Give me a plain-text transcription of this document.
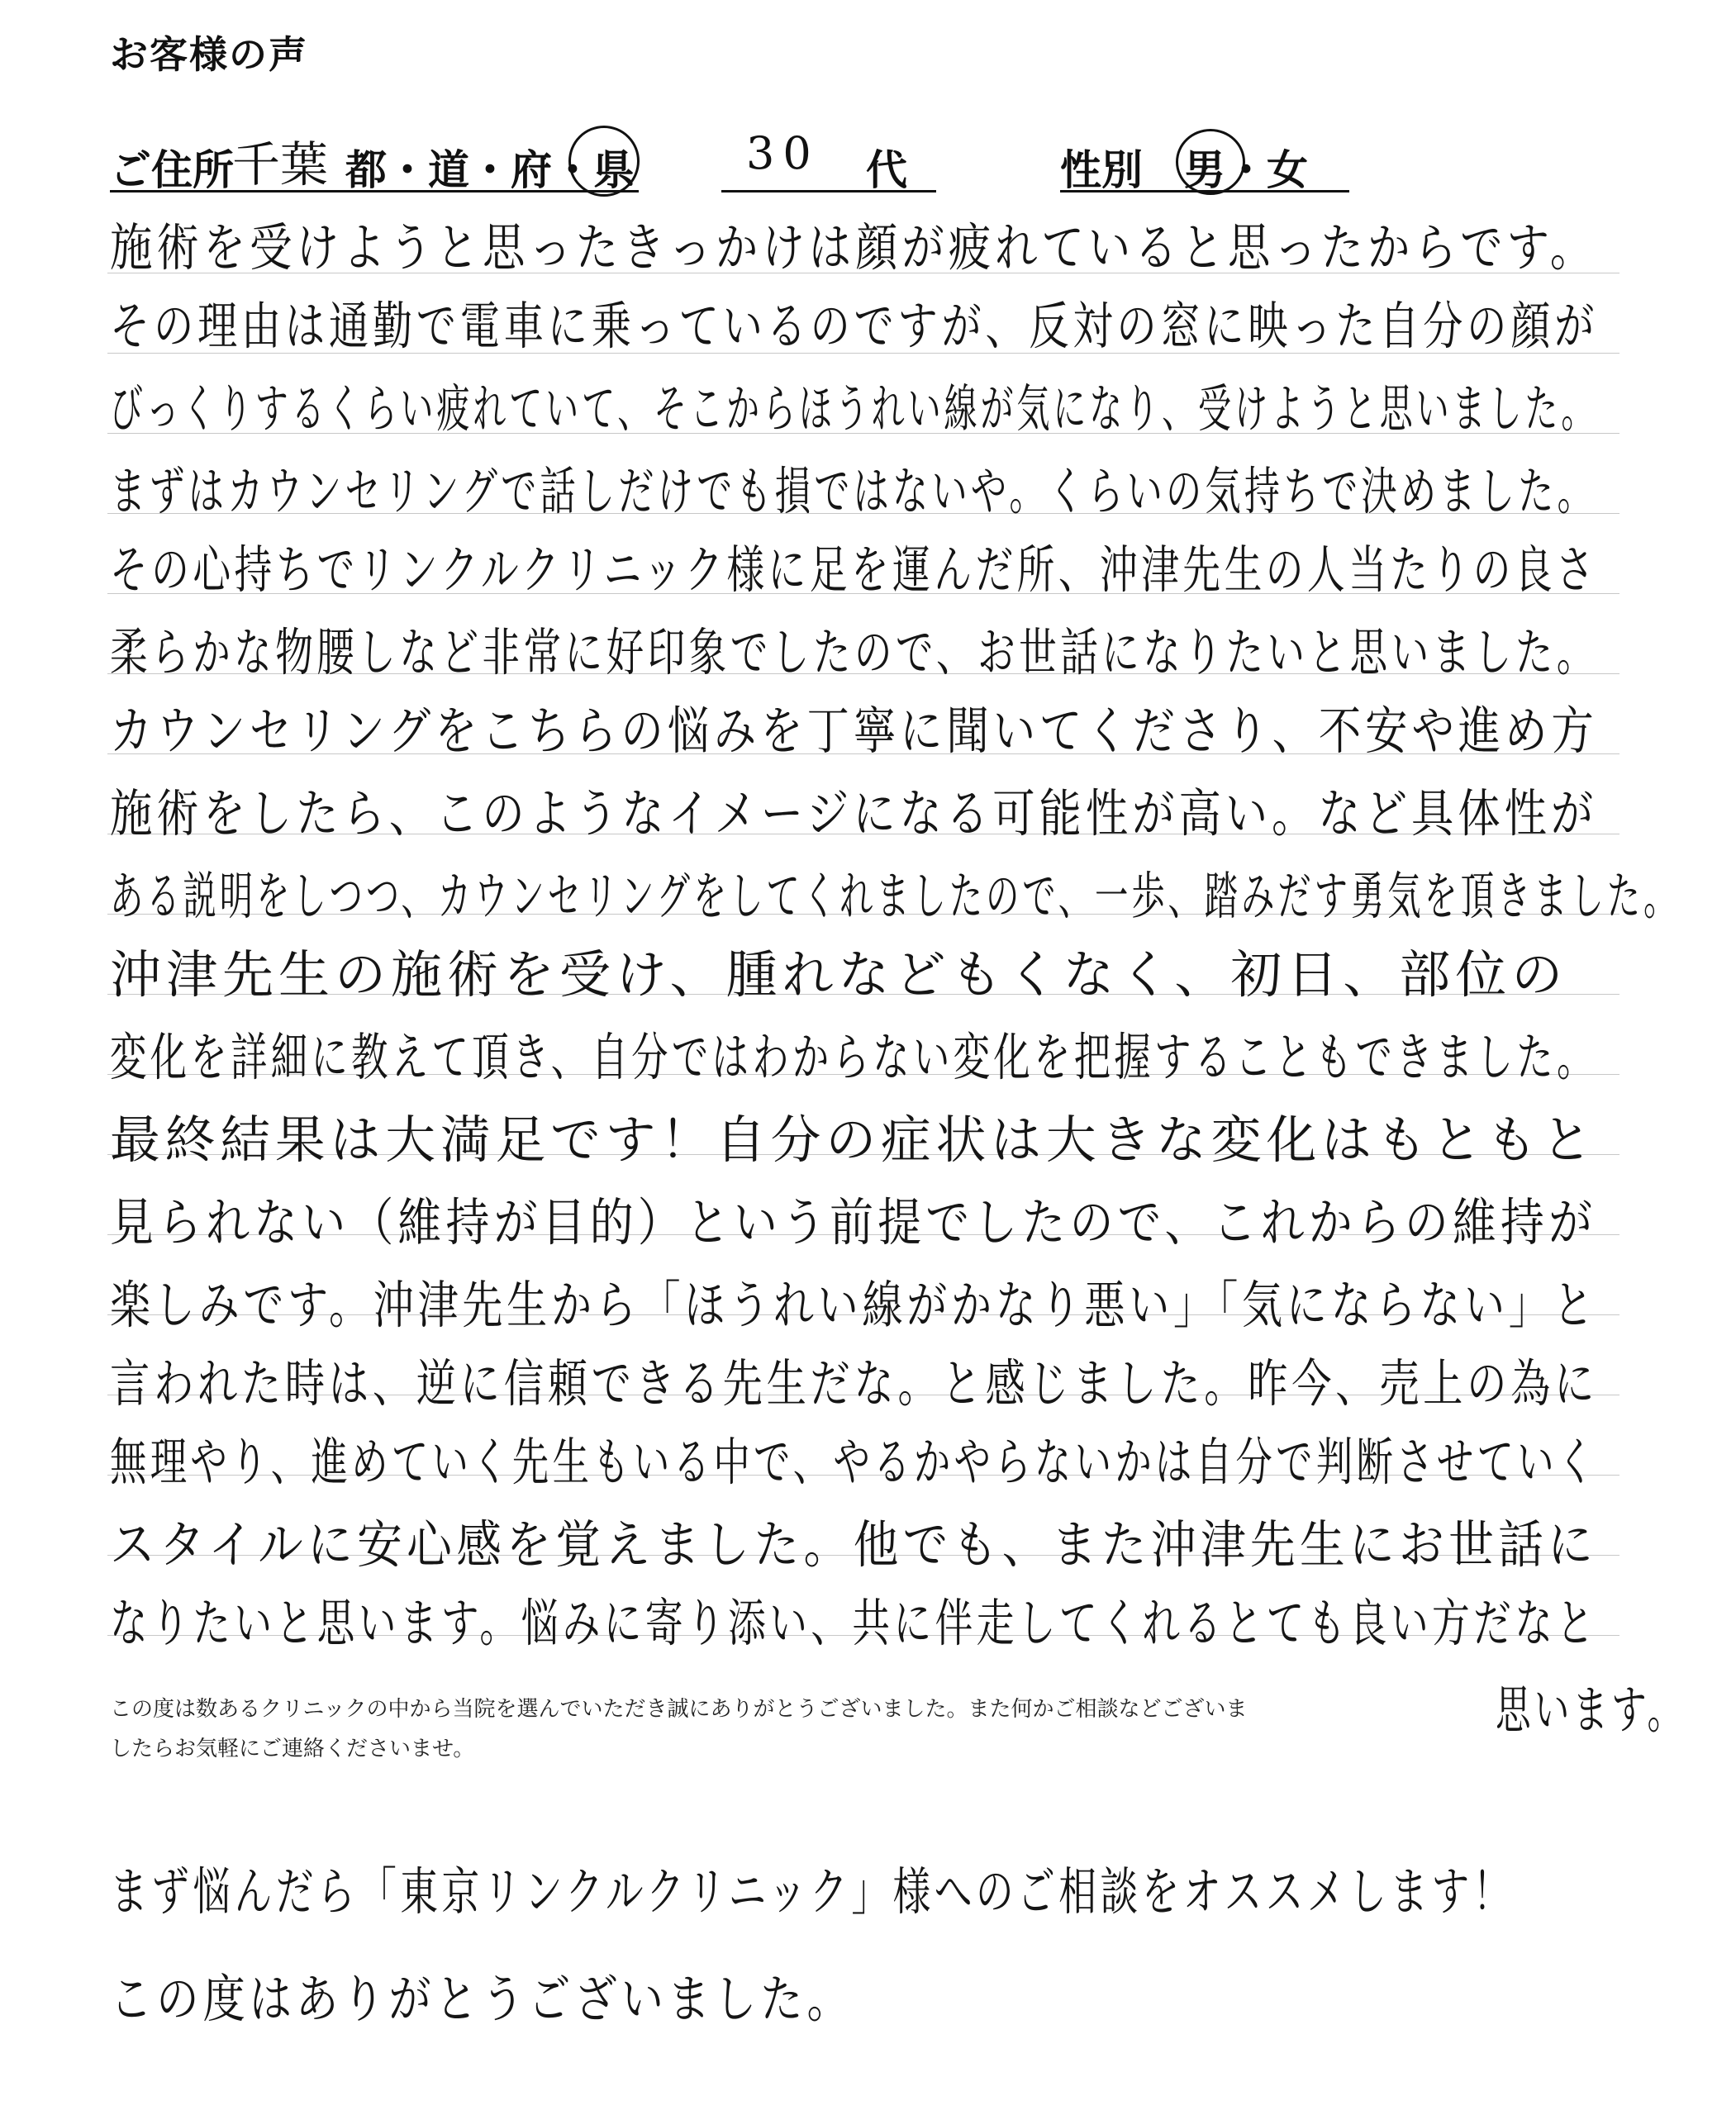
お客様の声
ご住所
千葉 都・道・府・県	30 代	性別 男・女
施術を受けようと思ったきっかけは顔が疲れていると思ったからです。
その理由は通勤で電車に乗っているのですが、反対の窓に映った自分の顔が
びっくりするくらい疲れていて、そこからほうれい線が気になり、受けようと思いました。
まずはカウンセリングで話しだけでも損ではないや。くらいの気持ちで決めました。
その心持ちでリンクルクリニック様に足を運んだ所、沖津先生の人当たりの良さ
柔らかな物腰しなど非常に好印象でしたので、お世話になりたいと思いました。
カウンセリングをこちらの悩みを丁寧に聞いてくださり、不安や進め方
施術をしたら、このようなイメージになる可能性が高い。など具体性が
ある説明をしつつ、カウンセリングをしてくれましたので、一歩、踏みだす勇気を頂きました。
沖津先生の施術を受け、腫れなどもくなく、初日、部位の
変化を詳細に教えて頂き、自分ではわからない変化を把握することもできました。
最終結果は大満足です！自分の症状は大きな変化はもともと
見られない（維持が目的）という前提でしたので、これからの維持が
楽しみです。沖津先生から「ほうれい線がかなり悪い」「気にならない」と
言われた時は、逆に信頼できる先生だな。と感じました。昨今、売上の為に
無理やり、進めていく先生もいる中で、やるかやらないかは自分で判断させていく
スタイルに安心感を覚えました。他でも、また沖津先生にお世話に
なりたいと思います。悩みに寄り添い、共に伴走してくれるとても良い方だなと
思います。
まず悩んだら「東京リンクルクリニック」様へのご相談をオススメします！
この度はありがとうございました。
この度は数あるクリニックの中から当院を選んでいただき誠にありがとうございました。また何かご相談などございま
したらお気軽にご連絡くださいませ。
